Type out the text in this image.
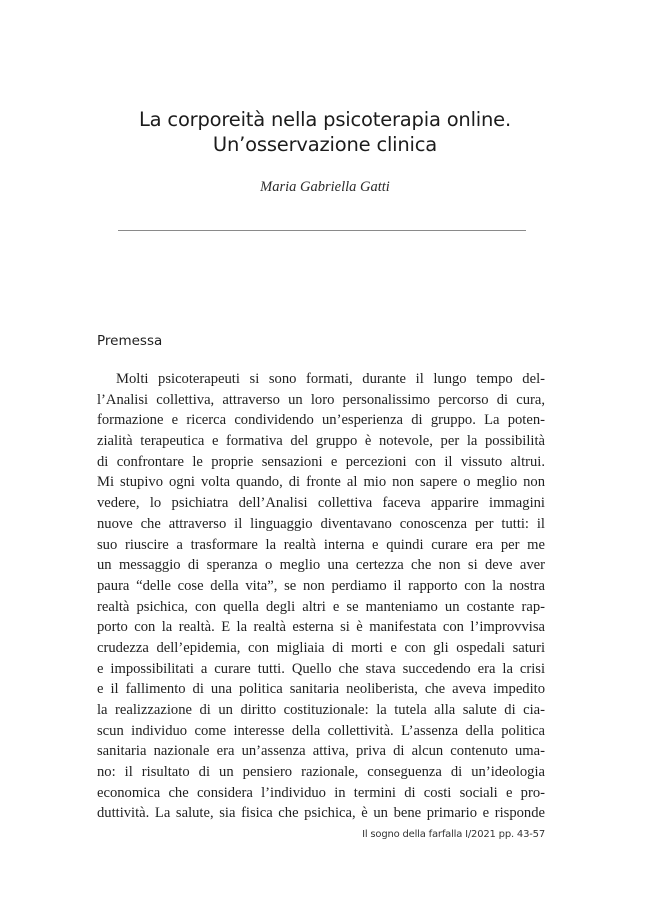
La corporeità nella psicoterapia online.
Un’osservazione clinica
Maria Gabriella Gatti
Premessa
Molti psicoterapeuti si sono formati, durante il lungo tempo del-
l’Analisi collettiva, attraverso un loro personalissimo percorso di cura,
formazione e ricerca condividendo un’esperienza di gruppo. La poten-
zialità terapeutica e formativa del gruppo è notevole, per la possibilità
di confrontare le proprie sensazioni e percezioni con il vissuto altrui.
Mi stupivo ogni volta quando, di fronte al mio non sapere o meglio non
vedere, lo psichiatra dell’Analisi collettiva faceva apparire immagini
nuove che attraverso il linguaggio diventavano conoscenza per tutti: il
suo riuscire a trasformare la realtà interna e quindi curare era per me
un messaggio di speranza o meglio una certezza che non si deve aver
paura “delle cose della vita”, se non perdiamo il rapporto con la nostra
realtà psichica, con quella degli altri e se manteniamo un costante rap-
porto con la realtà. E la realtà esterna si è manifestata con l’improvvisa
crudezza dell’epidemia, con migliaia di morti e con gli ospedali saturi
e impossibilitati a curare tutti. Quello che stava succedendo era la crisi
e il fallimento di una politica sanitaria neoliberista, che aveva impedito
la realizzazione di un diritto costituzionale: la tutela alla salute di cia-
scun individuo come interesse della collettività. L’assenza della politica
sanitaria nazionale era un’assenza attiva, priva di alcun contenuto uma-
no: il risultato di un pensiero razionale, conseguenza di un’ideologia
economica che considera l’individuo in termini di costi sociali e pro-
duttività. La salute, sia fisica che psichica, è un bene primario e risponde
Il sogno della farfalla I/2021 pp. 43-57
